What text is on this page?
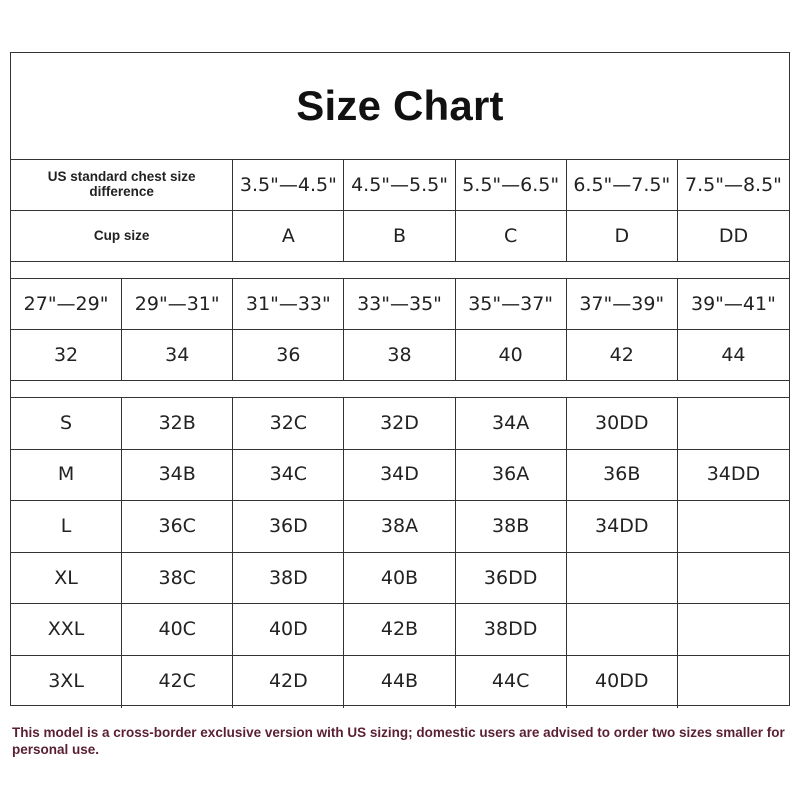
Size Chart
US standard chest size difference	3.5"—4.5" 4.5"—5.5" 5.5"—6.5" 6.5"—7.5" 7.5"—8.5"
Cup size	A	B	C	D	DD
27"—29"	29"—31"	31"—33"	33"—35"	35"—37"	37"—39"	39"—41"
32	34	36	38	40	42	44
S	32B	32C	32D	34A	30DD
M	34B	34C	34D	36A	36B	34DD
L	36C	36D	38A	38B	34DD
XL	38C	38D	40B	36DD
XXL	40C	40D	42B	38DD
3XL	42C	42D	44B	44C	40DD
This model is a cross-border exclusive version with US sizing; domestic users are advised to order two sizes smaller for personal use.
